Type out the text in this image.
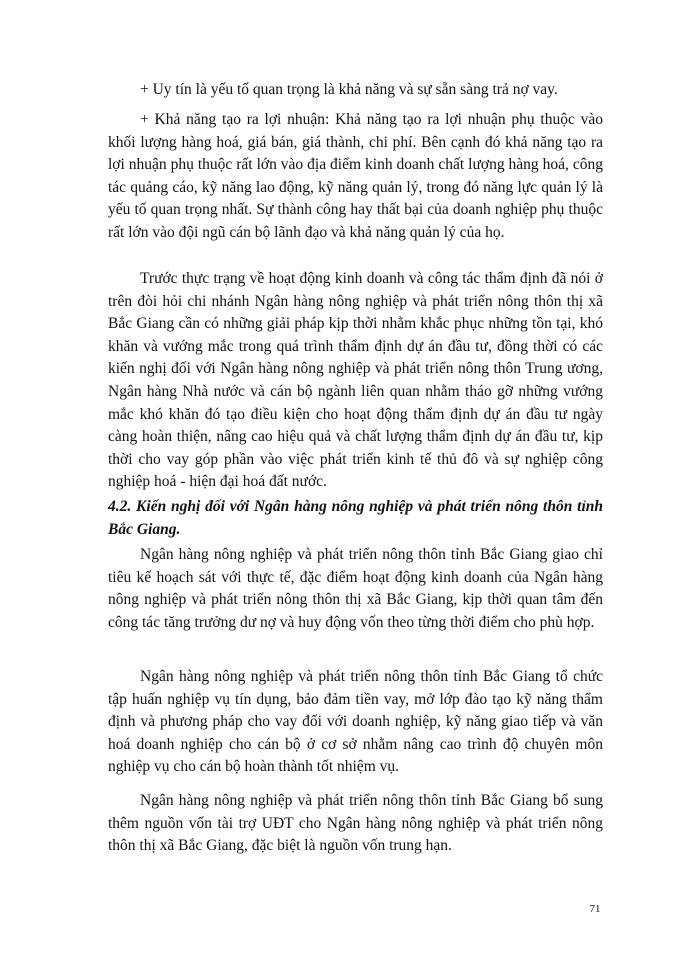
+ Uy tín là yếu tố quan trọng là khả năng và sự sẵn sàng trả nợ vay.

+ Khả năng tạo ra lợi nhuận: Khả năng tạo ra lợi nhuận phụ thuộc vào khối lượng hàng hoá, giá bán, giá thành, chi phí. Bên cạnh đó khả năng tạo ra lợi nhuận phụ thuộc rất lớn vào địa điểm kinh doanh chất lượng hàng hoá, công tác quảng cáo, kỹ năng lao động, kỹ năng quản lý, trong đó năng lực quản lý là yếu tố quan trọng nhất. Sự thành công hay thất bại của doanh nghiệp phụ thuộc rất lớn vào đội ngũ cán bộ lãnh đạo và khả năng quản lý của họ.

Trước thực trạng về hoạt động kinh doanh và công tác thẩm định đã nói ở trên đòi hỏi chi nhánh Ngân hàng nông nghiệp và phát triển nông thôn thị xã Bắc Giang cần có những giải pháp kịp thời nhằm khắc phục những tồn tại, khó khăn và vướng mắc trong quá trình thẩm định dự án đầu tư, đồng thời có các kiến nghị đối với Ngân hàng nông nghiệp và phát triển nông thôn Trung ương, Ngân hàng Nhà nước và cán bộ ngành liên quan nhằm tháo gỡ những vướng mắc khó khăn đó tạo điều kiện cho hoạt động thẩm định dự án đầu tư ngày càng hoàn thiện, nâng cao hiệu quả và chất lượng thẩm định dự án đầu tư, kịp thời cho vay góp phần vào việc phát triển kinh tế thủ đô và sự nghiệp công nghiệp hoá - hiện đại hoá đất nước.

4.2. Kiến nghị đối với Ngân hàng nông nghiệp và phát triển nông thôn tỉnh Bắc Giang.

Ngân hàng nông nghiệp và phát triển nông thôn tỉnh Bắc Giang giao chỉ tiêu kế hoạch sát với thực tế, đặc điểm hoạt động kinh doanh của Ngân hàng nông nghiệp và phát triển nông thôn thị xã Bắc Giang, kịp thời quan tâm đến công tác tăng trưởng dư nợ và huy động vốn theo từng thời điểm cho phù hợp.

Ngân hàng nông nghiệp và phát triển nông thôn tỉnh Bắc Giang tổ chức tập huấn nghiệp vụ tín dụng, bảo đảm tiền vay, mở lớp đào tạo kỹ năng thẩm định và phương pháp cho vay đối với doanh nghiệp, kỹ năng giao tiếp và văn hoá doanh nghiệp cho cán bộ ở cơ sở nhằm nâng cao trình độ chuyên môn nghiệp vụ cho cán bộ hoàn thành tốt nhiệm vụ.

Ngân hàng nông nghiệp và phát triển nông thôn tỉnh Bắc Giang bổ sung thêm nguồn vốn tài trợ UĐT cho Ngân hàng nông nghiệp và phát triển nông thôn thị xã Bắc Giang, đặc biệt là nguồn vốn trung hạn.

71
